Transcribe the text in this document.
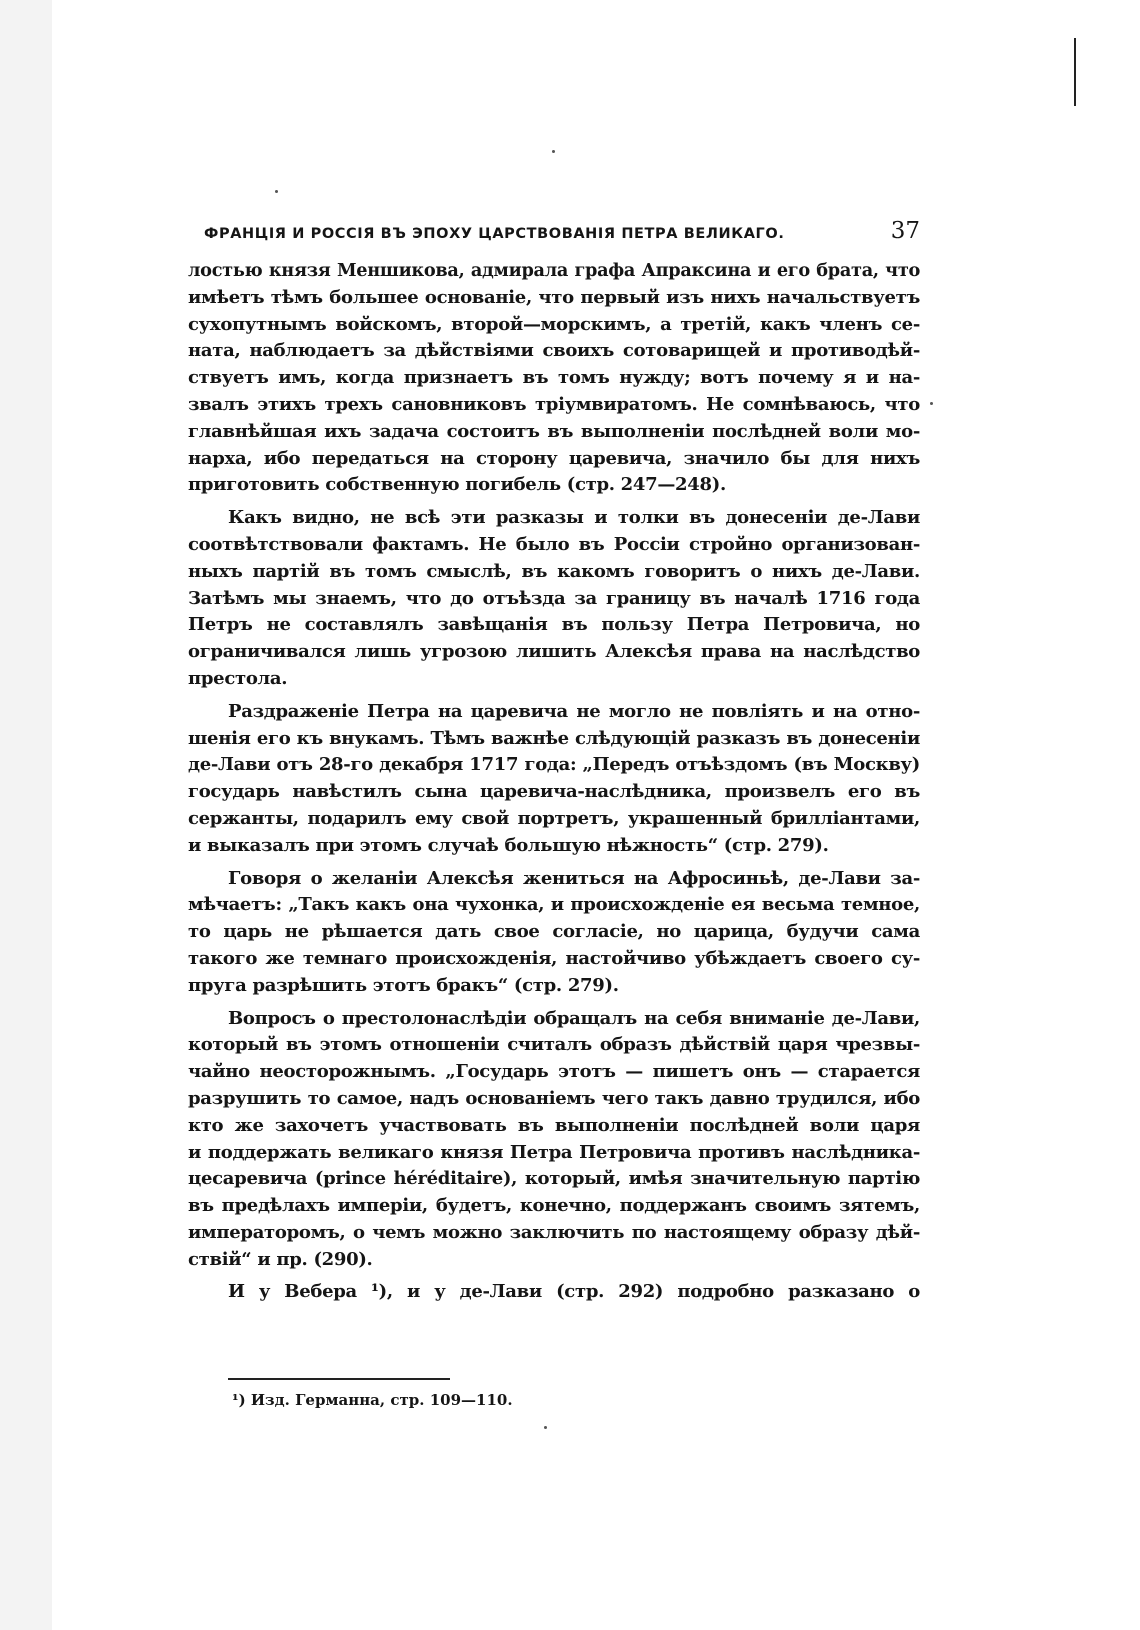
ФРАНЦІЯ И РОССІЯ ВЪ ЭПОХУ ЦАРСТВОВАНІЯ ПЕТРА ВЕЛИКАГО.	37
лостью князя Меншикова, адмирала графа Апраксина и его брата, что
имѣетъ тѣмъ большее основаніе, что первый изъ нихъ начальствуетъ
сухопутнымъ войскомъ, второй—морскимъ, а третій, какъ членъ се-
ната, наблюдаетъ за дѣйствіями своихъ сотоварищей и противодѣй-
ствуетъ имъ, когда признаетъ въ томъ нужду; вотъ почему я и на-
звалъ этихъ трехъ сановниковъ тріумвиратомъ. Не сомнѣваюсь, что
главнѣйшая ихъ задача состоитъ въ выполненіи послѣдней воли мо-
нарха, ибо передаться на сторону царевича, значило бы для нихъ
приготовить собственную погибель (стр. 247—248).
Какъ видно, не всѣ эти разказы и толки въ донесеніи де-Лави
соотвѣтствовали фактамъ. Не было въ Россіи стройно организован-
ныхъ партій въ томъ смыслѣ, въ какомъ говоритъ о нихъ де-Лави.
Затѣмъ мы знаемъ, что до отъѣзда за границу въ началѣ 1716 года
Петръ не составлялъ завѣщанія въ пользу Петра Петровича, но
ограничивался лишь угрозою лишить Алексѣя права на наслѣдство
престола.
Раздраженіе Петра на царевича не могло не повліять и на отно-
шенія его къ внукамъ. Тѣмъ важнѣе слѣдующій разказъ въ донесеніи
де-Лави отъ 28-го декабря 1717 года: „Передъ отъѣздомъ (въ Москву)
государь навѣстилъ сына царевича-наслѣдника, произвелъ его въ
сержанты, подарилъ ему свой портретъ, украшенный брилліантами,
и выказалъ при этомъ случаѣ большую нѣжность“ (стр. 279).
Говоря о желаніи Алексѣя жениться на Афросиньѣ, де-Лави за-
мѣчаетъ: „Такъ какъ она чухонка, и происхожденіе ея весьма темное,
то царь не рѣшается дать свое согласіе, но царица, будучи сама
такого же темнаго происхожденія, настойчиво убѣждаетъ своего су-
пруга разрѣшить этотъ бракъ“ (стр. 279).
Вопросъ о престолонаслѣдіи обращалъ на себя вниманіе де-Лави,
который въ этомъ отношеніи считалъ образъ дѣйствій царя чрезвы-
чайно неосторожнымъ. „Государь этотъ — пишетъ онъ — старается
разрушить то самое, надъ основаніемъ чего такъ давно трудился, ибо
кто же захочетъ участвовать въ выполненіи послѣдней воли царя
и поддержать великаго князя Петра Петровича противъ наслѣдника-
цесаревича (prince héréditaire), который, имѣя значительную партію
въ предѣлахъ имперіи, будетъ, конечно, поддержанъ своимъ зятемъ,
императоромъ, о чемъ можно заключить по настоящему образу дѣй-
ствій“ и пр. (290).
И у Вебера ¹), и у де-Лави (стр. 292) подробно разказано о
¹) Изд. Германна, стр. 109—110.
